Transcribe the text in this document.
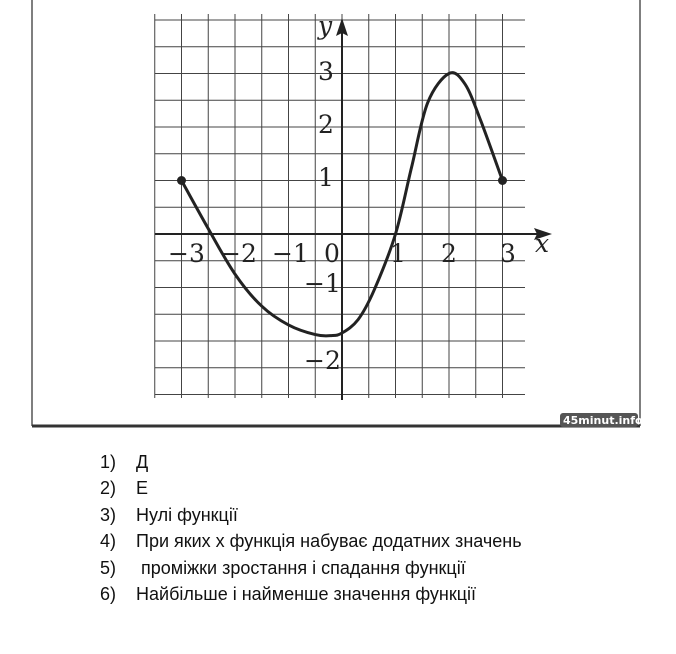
x
y
−3 −2 −1 0 1 2 3
3
2
1
−1
−2
45minut.info
1)	Д
2)	Е
3)	Нулі функції
4)	При яких х функція набуває додатних значень
5)	проміжки зростання і спадання функції
6)	Найбільше і найменше значення функції
